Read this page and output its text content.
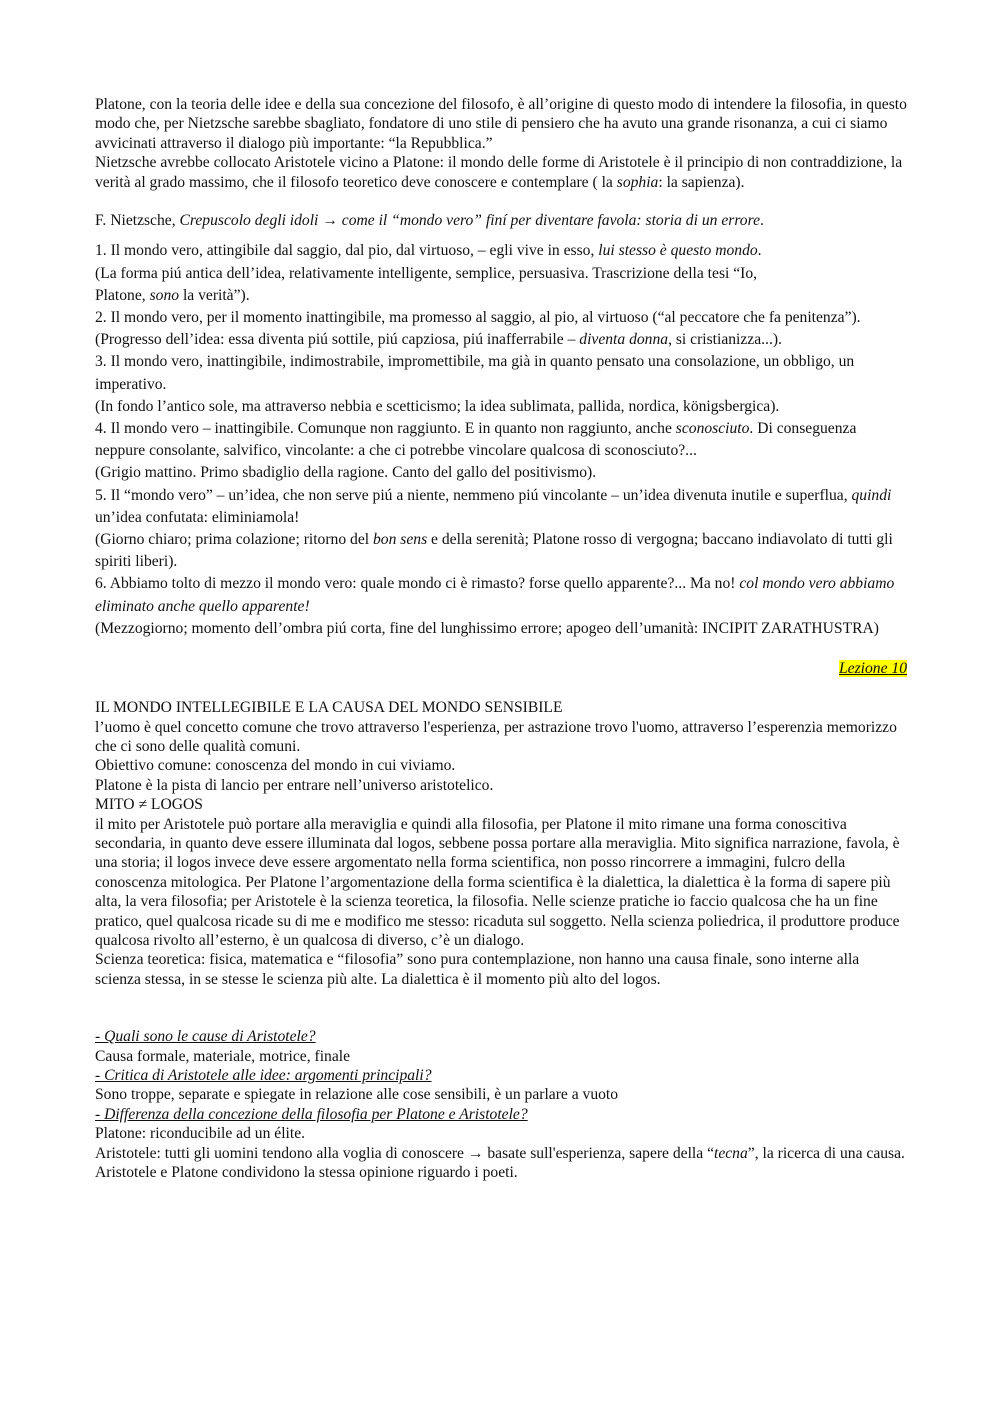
Platone, con la teoria delle idee e della sua concezione del filosofo, è all’origine di questo modo di intendere la filosofia, in questo modo che, per Nietzsche sarebbe sbagliato, fondatore di uno stile di pensiero che ha avuto una grande risonanza, a cui ci siamo avvicinati attraverso il dialogo più importante: “la Repubblica.”

Nietzsche avrebbe collocato Aristotele vicino a Platone: il mondo delle forme di Aristotele è il principio di non contraddizione, la verità al grado massimo, che il filosofo teoretico deve conoscere e contemplare ( la sophia: la sapienza).

F. Nietzsche, Crepuscolo degli idoli → come il “mondo vero” finí per diventare favola: storia di un errore.

1. Il mondo vero, attingibile dal saggio, dal pio, dal virtuoso, – egli vive in esso, lui stesso è questo mondo.

(La forma piú antica dell’idea, relativamente intelligente, semplice, persuasiva. Trascrizione della tesi “Io,

Platone, sono la verità”).

2. Il mondo vero, per il momento inattingibile, ma promesso al saggio, al pio, al virtuoso (“al peccatore che fa penitenza”).

(Progresso dell’idea: essa diventa piú sottile, piú capziosa, piú inafferrabile – diventa donna, si cristianizza...).

3. Il mondo vero, inattingibile, indimostrabile, impromettibile, ma già in quanto pensato una consolazione, un obbligo, un imperativo.

(In fondo l’antico sole, ma attraverso nebbia e scetticismo; la idea sublimata, pallida, nordica, königsbergica).

4. Il mondo vero – inattingibile. Comunque non raggiunto. E in quanto non raggiunto, anche sconosciuto. Di conseguenza neppure consolante, salvifico, vincolante: a che ci potrebbe vincolare qualcosa di sconosciuto?...

(Grigio mattino. Primo sbadiglio della ragione. Canto del gallo del positivismo).

5. Il “mondo vero” – un’idea, che non serve piú a niente, nemmeno piú vincolante – un’idea divenuta inutile e superflua, quindi un’idea confutata: eliminiamola!

(Giorno chiaro; prima colazione; ritorno del bon sens e della serenità; Platone rosso di vergogna; baccano indiavolato di tutti gli spiriti liberi).

6. Abbiamo tolto di mezzo il mondo vero: quale mondo ci è rimasto? forse quello apparente?... Ma no! col mondo vero abbiamo eliminato anche quello apparente!

(Mezzogiorno; momento dell’ombra piú corta, fine del lunghissimo errore; apogeo dell’umanità: INCIPIT ZARATHUSTRA)

Lezione 10

IL MONDO INTELLEGIBILE E LA CAUSA DEL MONDO SENSIBILE

l’uomo è quel concetto comune che trovo attraverso l'esperienza, per astrazione trovo l'uomo, attraverso l’esperenzia memorizzo che ci sono delle qualità comuni.

Obiettivo comune: conoscenza del mondo in cui viviamo.

Platone è la pista di lancio per entrare nell’universo aristotelico.

MITO ≠ LOGOS

il mito per Aristotele può portare alla meraviglia e quindi alla filosofia, per Platone il mito rimane una forma conoscitiva secondaria, in quanto deve essere illuminata dal logos, sebbene possa portare alla meraviglia. Mito significa narrazione, favola, è una storia; il logos invece deve essere argomentato nella forma scientifica, non posso rincorrere a immagini, fulcro della conoscenza mitologica. Per Platone l’argomentazione della forma scientifica è la dialettica, la dialettica è la forma di sapere più alta, la vera filosofia; per Aristotele è la scienza teoretica, la filosofia. Nelle scienze pratiche io faccio qualcosa che ha un fine pratico, quel qualcosa ricade su di me e modifico me stesso: ricaduta sul soggetto. Nella scienza poliedrica, il produttore produce qualcosa rivolto all’esterno, è un qualcosa di diverso, c’è un dialogo.

Scienza teoretica: fisica, matematica e “filosofia” sono pura contemplazione, non hanno una causa finale, sono interne alla scienza stessa, in se stesse le scienza più alte. La dialettica è il momento più alto del logos.

- Quali sono le cause di Aristotele?

Causa formale, materiale, motrice, finale

- Critica di Aristotele alle idee: argomenti principali?

Sono troppe, separate e spiegate in relazione alle cose sensibili, è un parlare a vuoto

- Differenza della concezione della filosofia per Platone e Aristotele?

Platone: riconducibile ad un élite.

Aristotele: tutti gli uomini tendono alla voglia di conoscere → basate sull'esperienza, sapere della “tecna”, la ricerca di una causa.

Aristotele e Platone condividono la stessa opinione riguardo i poeti.
